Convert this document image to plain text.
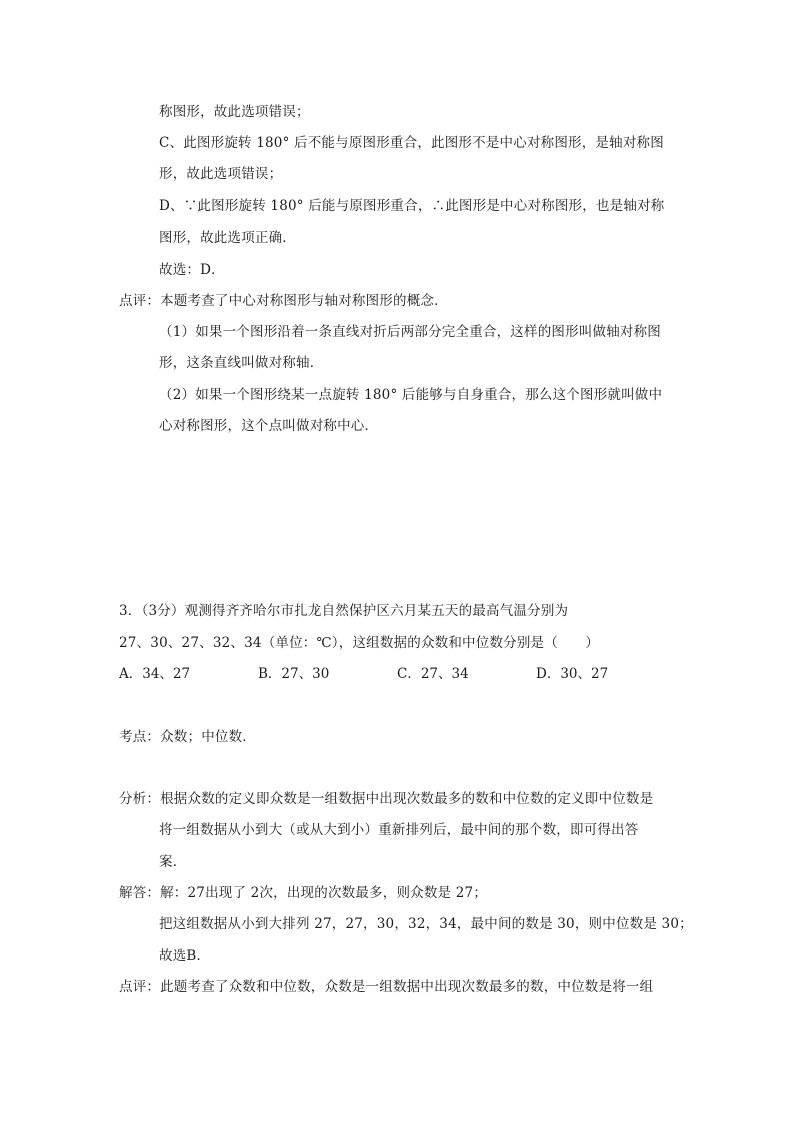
称图形，故此选项错误；
C、此图形旋转 180° 后不能与原图形重合，此图形不是中心对称图形，是轴对称图
形，故此选项错误；
D、∵此图形旋转 180° 后能与原图形重合，∴此图形是中心对称图形，也是轴对称
图形，故此选项正确．
故选：D．
点评：本题考查了中心对称图形与轴对称图形的概念．
（1）如果一个图形沿着一条直线对折后两部分完全重合，这样的图形叫做轴对称图
形，这条直线叫做对称轴．
（2）如果一个图形绕某一点旋转 180° 后能够与自身重合，那么这个图形就叫做中
心对称图形，这个点叫做对称中心．
3．（3分）观测得齐齐哈尔市扎龙自然保护区六月某五天的最高气温分别为
27、30、27、32、34（单位：℃），这组数据的众数和中位数分别是（　　）
A．34、27	B．27、30	C．27、34	D．30、27
考点：众数；中位数．
分析：根据众数的定义即众数是一组数据中出现次数最多的数和中位数的定义即中位数是
将一组数据从小到大（或从大到小）重新排列后，最中间的那个数，即可得出答
案．
解答：解：27出现了 2次，出现的次数最多，则众数是 27；
把这组数据从小到大排列 27，27，30，32，34，最中间的数是 30，则中位数是 30；
故选B．
点评：此题考查了众数和中位数，众数是一组数据中出现次数最多的数，中位数是将一组
